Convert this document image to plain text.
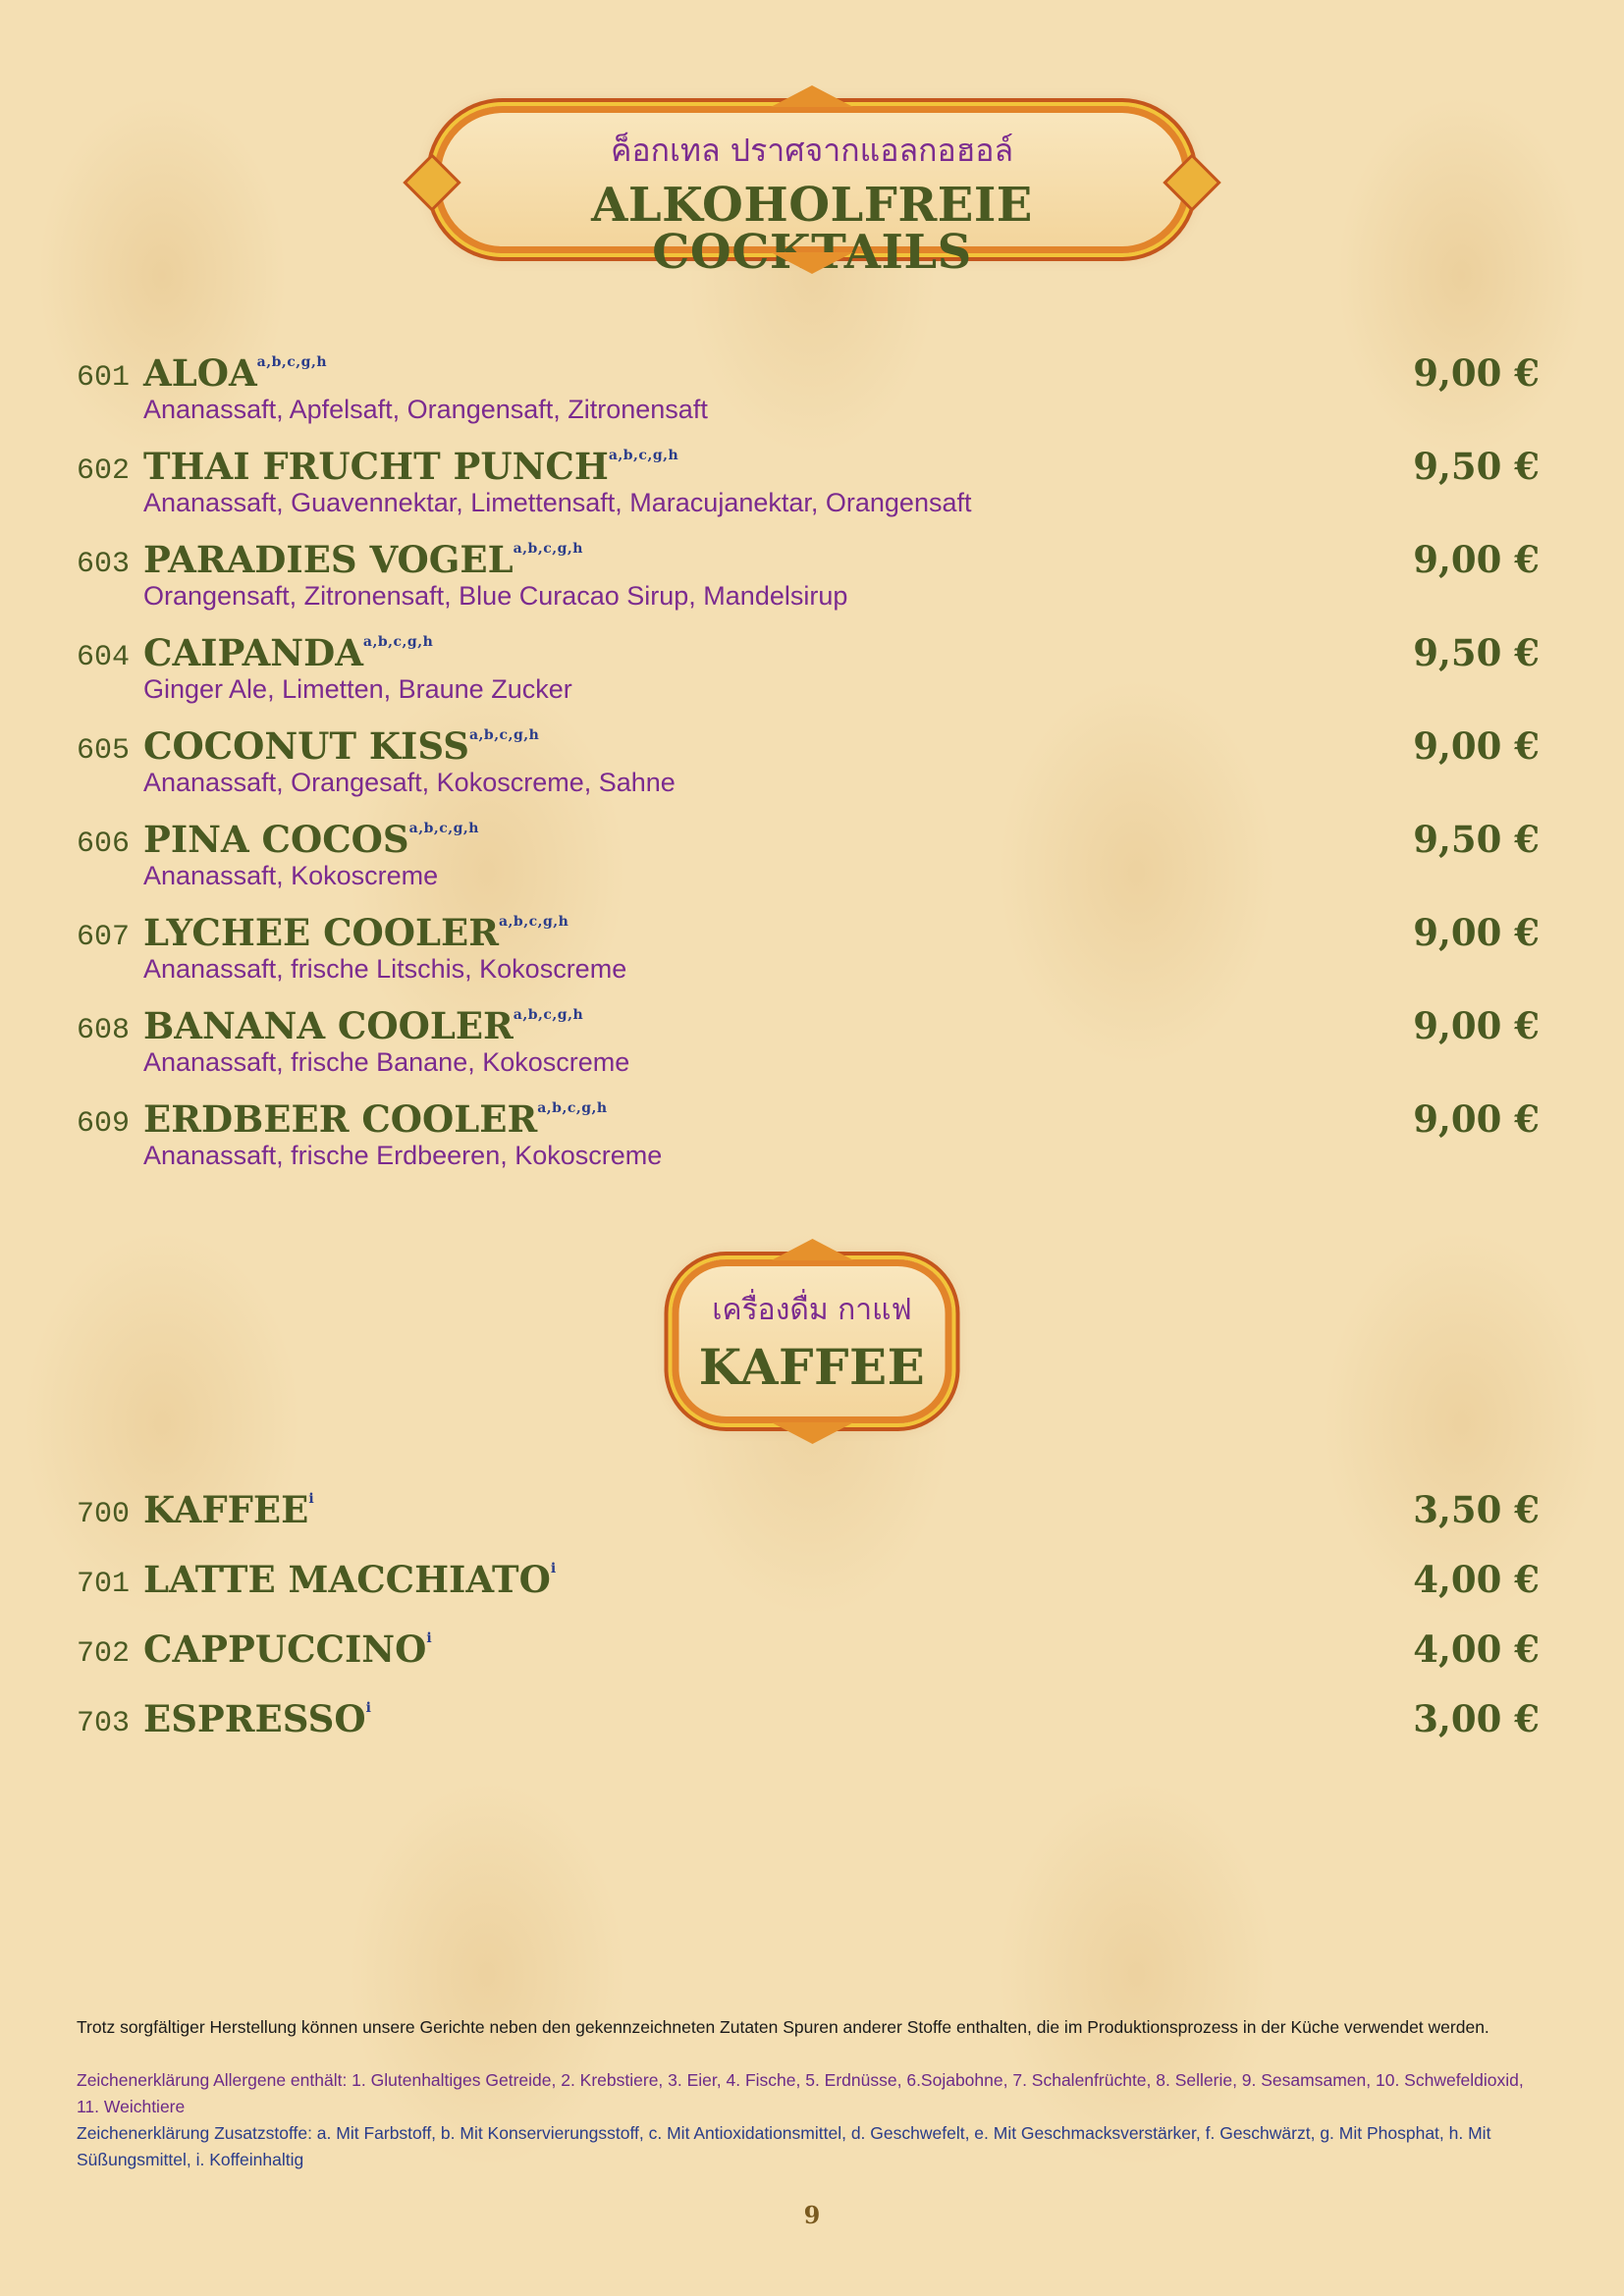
ค็อกเทล ปราศจากแอลกอฮอล์
ALKOHOLFREIE COCKTAILS
601 ALOA$^{a,b,c,g,h}$	9,00 €
Ananassaft, Apfelsaft, Orangensaft, Zitronensaft
602 THAI FRUCHT PUNCH$^{a,b,c,g,h}$	9,50 €
Ananassaft, Guavennektar, Limettensaft, Maracujanektar, Orangensaft
603 PARADIES VOGEL$^{a,b,c,g,h}$	9,00 €
Orangensaft, Zitronensaft, Blue Curacao Sirup, Mandelsirup
604 CAIPANDA$^{a,b,c,g,h}$	9,50 €
Ginger Ale, Limetten, Braune Zucker
605 COCONUT KISS$^{a,b,c,g,h}$	9,00 €
Ananassaft, Orangesaft, Kokoscreme, Sahne
606 PINA COCOS$^{a,b,c,g,h}$	9,50 €
Ananassaft, Kokoscreme
607 LYCHEE COOLER$^{a,b,c,g,h}$	9,00 €
Ananassaft, frische Litschis, Kokoscreme
608 BANANA COOLER$^{a,b,c,g,h}$	9,00 €
Ananassaft, frische Banane, Kokoscreme
609 ERDBEER COOLER$^{a,b,c,g,h}$	9,00 €
Ananassaft, frische Erdbeeren, Kokoscreme
เครื่องดื่ม กาแฟ
KAFFEE
700 KAFFEE$^i$	3,50 €
701 LATTE MACCHIATO$^i$	4,00 €
702 CAPPUCCINO$^i$	4,00 €
703 ESPRESSO$^i$	3,00 €
Trotz sorgfältiger Herstellung können unsere Gerichte neben den gekennzeichneten Zutaten Spuren anderer Stoffe enthalten, die im Produktionsprozess in der Küche verwendet werden.
Zeichenerklärung Allergene enthält: 1. Glutenhaltiges Getreide, 2. Krebstiere, 3. Eier, 4. Fische, 5. Erdnüsse, 6.Sojabohne, 7. Schalenfrüchte, 8. Sellerie, 9. Sesamsamen, 10. Schwefeldioxid, 11. Weichtiere
Zeichenerklärung Zusatzstoffe: a. Mit Farbstoff, b. Mit Konservierungsstoff, c. Mit Antioxidationsmittel, d. Geschwefelt, e. Mit Geschmacksverstärker, f. Geschwärzt, g. Mit Phosphat, h. Mit Süßungsmittel, i. Koffeinhaltig
9
